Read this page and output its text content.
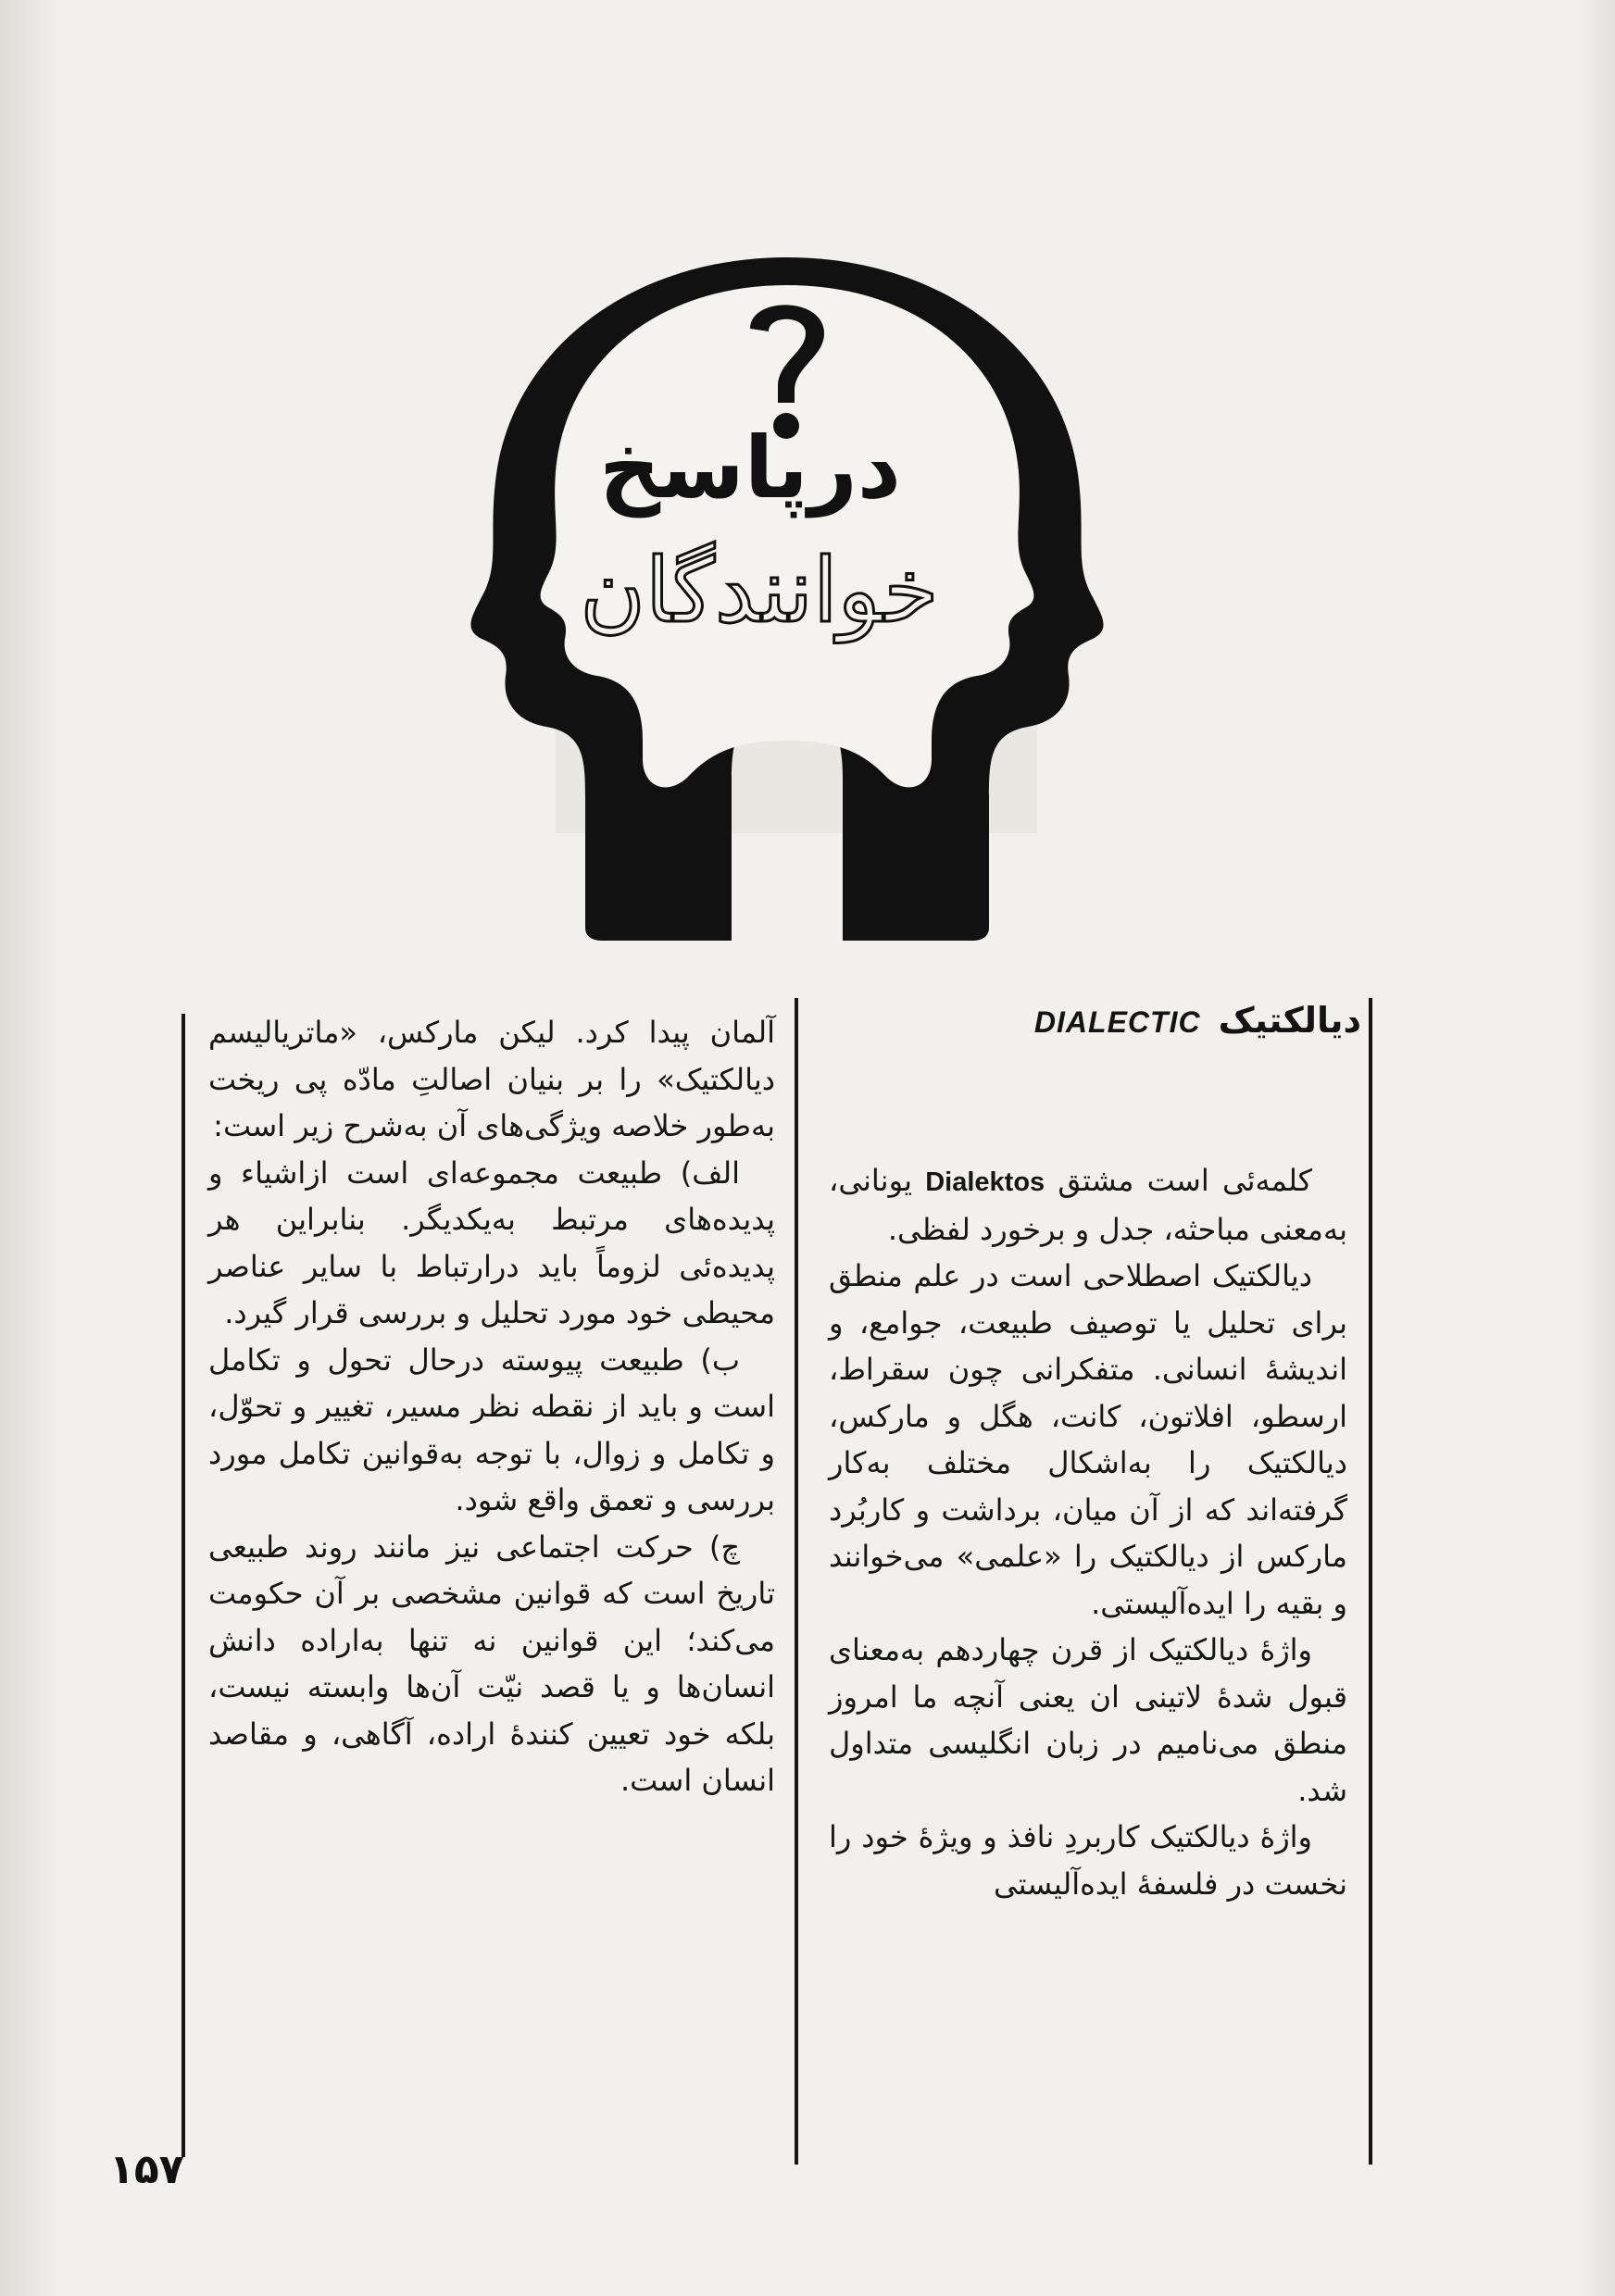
درپاسخ
خوانندگان
دیالکتیک DIALECTIC

کلمه‌ئی است مشتق Dialektos یونانی، به‌معنی مباحثه، جدل و برخورد لفظی.

دیالکتیک اصطلاحی است در علم منطق برای تحلیل یا توصیف طبیعت، جوامع، و اندیشهٔ انسانی. متفکرانی چون سقراط، ارسطو، افلاتون، کانت، هگل و مارکس، دیالکتیک را به‌اشکال مختلف به‌کار گرفته‌اند که از آن میان، برداشت و کاربُرد مارکس از دیالکتیک را «علمی» می‌خوانند و بقیه را ایده‌آلیستی.

واژهٔ دیالکتیک از قرن چهاردهم به‌معنای قبول شدهٔ لاتینی ان یعنی آنچه ما امروز منطق می‌نامیم در زبان انگلیسی متداول شد.

واژهٔ دیالکتیک کاربردِ نافذ و ویژهٔ خود را نخست در فلسفهٔ ایده‌آلیستی

آلمان پیدا کرد. لیکن مارکس، «ماتریالیسم دیالکتیک» را بر بنیان اصالتِ مادّه پی ریخت به‌طور خلاصه ویژگی‌های آن به‌شرح زیر است:

الف) طبیعت مجموعه‌ای است ازاشیاء و پدیده‌های مرتبط به‌یکدیگر. بنابراین هر پدیده‌ئی لزوماً باید درارتباط با سایر عناصر محیطی خود مورد تحلیل و بررسی قرار گیرد.

ب) طبیعت پیوسته درحال تحول و تکامل است و باید از نقطه نظر مسیر، تغییر و تحوّل، و تکامل و زوال، با توجه به‌قوانین تکامل مورد بررسی و تعمق واقع شود.

چ) حرکت اجتماعی نیز مانند روند طبیعی تاریخ است که قوانین مشخصی بر آن حکومت می‌کند؛ این قوانین نه تنها به‌اراده دانش انسان‌ها و یا قصد نیّت آن‌ها وابسته نیست، بلکه خود تعیین کنندهٔ اراده، آگاهی، و مقاصد انسان است.

۱۵۷
